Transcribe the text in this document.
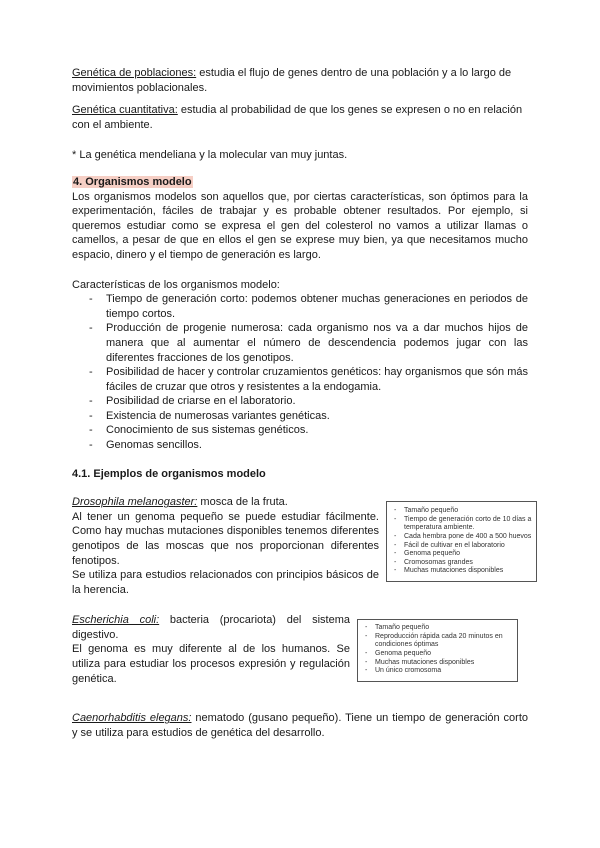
Genética de poblaciones: estudia el flujo de genes dentro de una población y a lo largo de movimientos poblacionales.

Genética cuantitativa: estudia al probabilidad de que los genes se expresen o no en relación con el ambiente.

* La genética mendeliana y la molecular van muy juntas.

4. Organismos modelo

Los organismos modelos son aquellos que, por ciertas características, son óptimos para la experimentación, fáciles de trabajar y es probable obtener resultados. Por ejemplo, si queremos estudiar como se expresa el gen del colesterol no vamos a utilizar llamas o camellos, a pesar de que en ellos el gen se exprese muy bien, ya que necesitamos mucho espacio, dinero y el tiempo de generación es largo.

Características de los organismos modelo:

- Tiempo de generación corto: podemos obtener muchas generaciones en periodos de tiempo cortos.
- Producción de progenie numerosa: cada organismo nos va a dar muchos hijos de manera que al aumentar el número de descendencia podemos jugar con las diferentes fracciones de los genotipos.
- Posibilidad de hacer y controlar cruzamientos genéticos: hay organismos que són más fáciles de cruzar que otros y resistentes a la endogamia.
- Posibilidad de criarse en el laboratorio.
- Existencia de numerosas variantes genéticas.
- Conocimiento de sus sistemas genéticos.
- Genomas sencillos.

4.1. Ejemplos de organismos modelo

Drosophila melanogaster: mosca de la fruta.

Al tener un genoma pequeño se puede estudiar fácilmente. Como hay muchas mutaciones disponibles tenemos diferentes genotipos de las moscas que nos proporcionan diferentes fenotipos.

Se utiliza para estudios relacionados con principios básicos de la herencia.

- Tamaño pequeño
- Tiempo de generación corto de 10 días a temperatura ambiente.
- Cada hembra pone de 400 a 500 huevos
- Fácil de cultivar en el laboratorio
- Genoma pequeño
- Cromosomas grandes
- Muchas mutaciones disponibles

Escherichia coli: bacteria (procariota) del sistema digestivo.

El genoma es muy diferente al de los humanos. Se utiliza para estudiar los procesos expresión y regulación genética.

- Tamaño pequeño
- Reproducción rápida cada 20 minutos en condiciones óptimas
- Genoma pequeño
- Muchas mutaciones disponibles
- Un único cromosoma

Caenorhabditis elegans: nematodo (gusano pequeño). Tiene un tiempo de generación corto y se utiliza para estudios de genética del desarrollo.
